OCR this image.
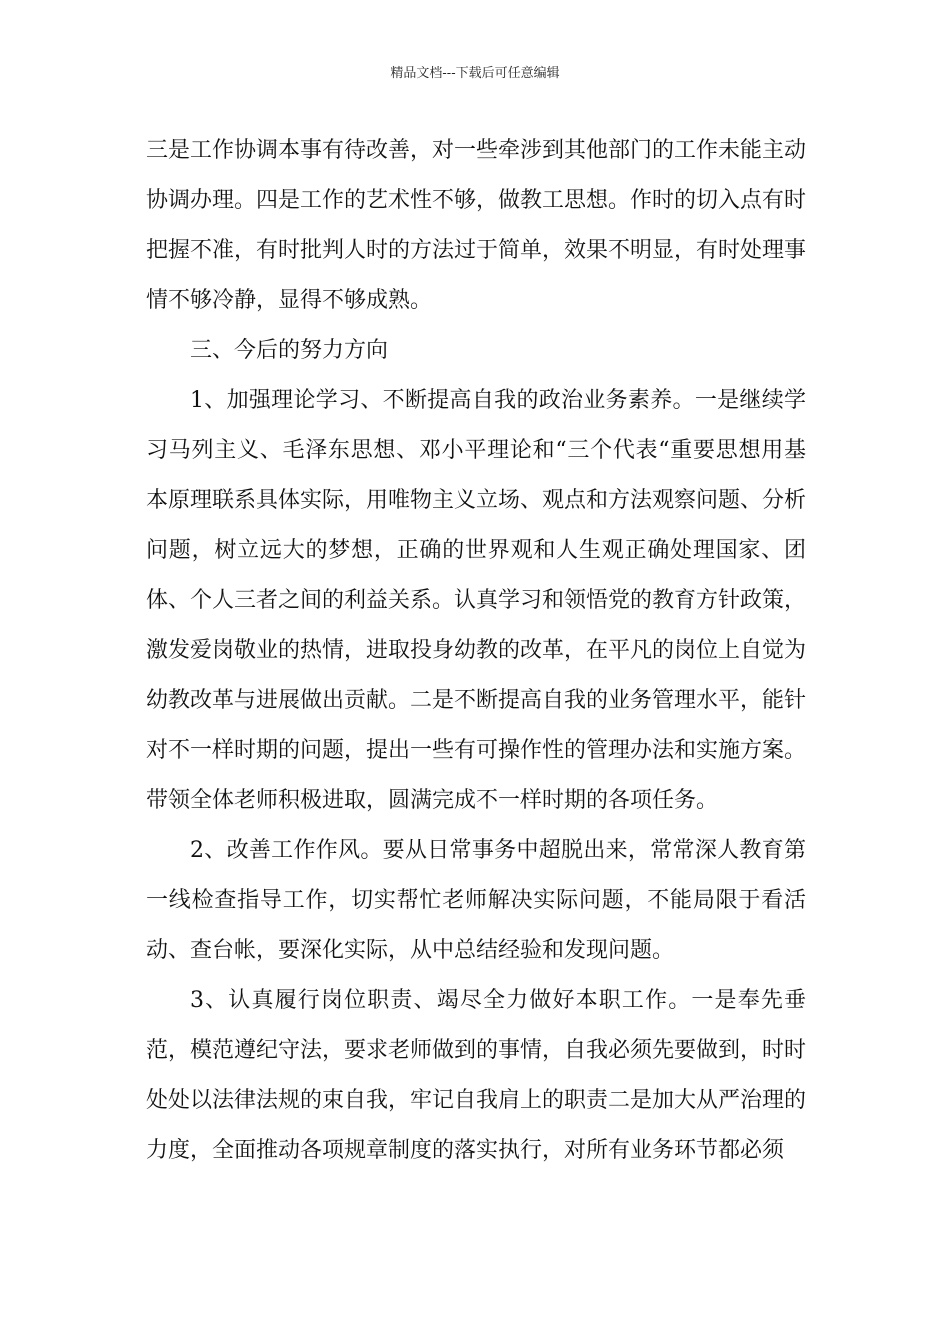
精品文档---下载后可任意编辑

三是工作协调本事有待改善，对一些牵涉到其他部门的工作未能主动协调办理。四是工作的艺术性不够，做教工思想。作时的切入点有时把握不准，有时批判人时的方法过于简单，效果不明显，有时处理事情不够冷静，显得不够成熟。

三、今后的努力方向

1、加强理论学习、不断提高自我的政治业务素养。一是继续学习马列主义、毛泽东思想、邓小平理论和“三个代表“重要思想用基本原理联系具体实际，用唯物主义立场、观点和方法观察问题、分析问题，树立远大的梦想，正确的世界观和人生观正确处理国家、团体、个人三者之间的利益关系。认真学习和领悟党的教育方针政策，激发爱岗敬业的热情，进取投身幼教的改革，在平凡的岗位上自觉为幼教改革与进展做出贡献。二是不断提高自我的业务管理水平，能针对不一样时期的问题，提出一些有可操作性的管理办法和实施方案。带领全体老师积极进取，圆满完成不一样时期的各项任务。

2、改善工作作风。要从日常事务中超脱出来，常常深人教育第一线检查指导工作，切实帮忙老师解决实际问题，不能局限于看活动、查台帐，要深化实际，从中总结经验和发现问题。

3、认真履行岗位职责、竭尽全力做好本职工作。一是奉先垂范，模范遵纪守法，要求老师做到的事情，自我必须先要做到，时时处处以法律法规的束自我，牢记自我肩上的职责二是加大从严治理的力度，全面推动各项规章制度的落实执行，对所有业务环节都必须
